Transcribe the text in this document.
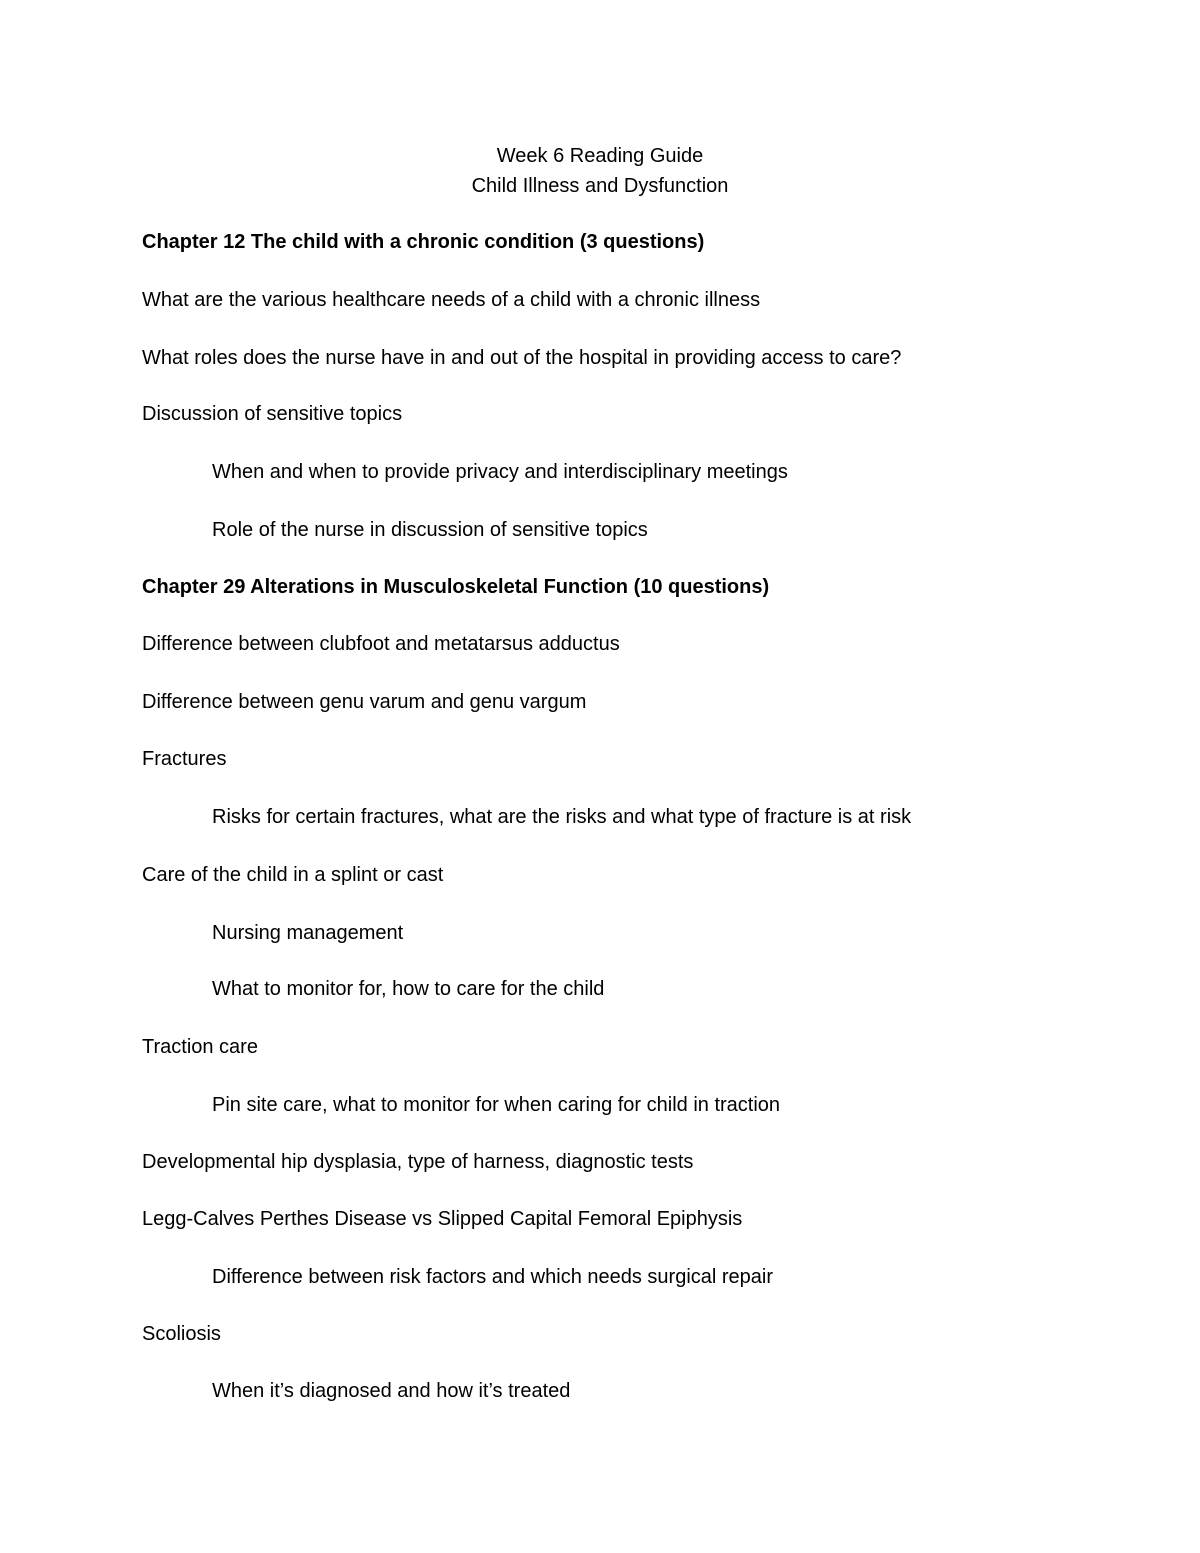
Week 6 Reading Guide
Child Illness and Dysfunction
Chapter 12 The child with a chronic condition (3 questions)
What are the various healthcare needs of a child with a chronic illness
What roles does the nurse have in and out of the hospital in providing access to care?
Discussion of sensitive topics
When and when to provide privacy and interdisciplinary meetings
Role of the nurse in discussion of sensitive topics
Chapter 29 Alterations in Musculoskeletal Function (10 questions)
Difference between clubfoot and metatarsus adductus
Difference between genu varum and genu vargum
Fractures
Risks for certain fractures, what are the risks and what type of fracture is at risk
Care of the child in a splint or cast
Nursing management
What to monitor for, how to care for the child
Traction care
Pin site care, what to monitor for when caring for child in traction
Developmental hip dysplasia, type of harness, diagnostic tests
Legg-Calves Perthes Disease vs Slipped Capital Femoral Epiphysis
Difference between risk factors and which needs surgical repair
Scoliosis
When it’s diagnosed and how it’s treated
